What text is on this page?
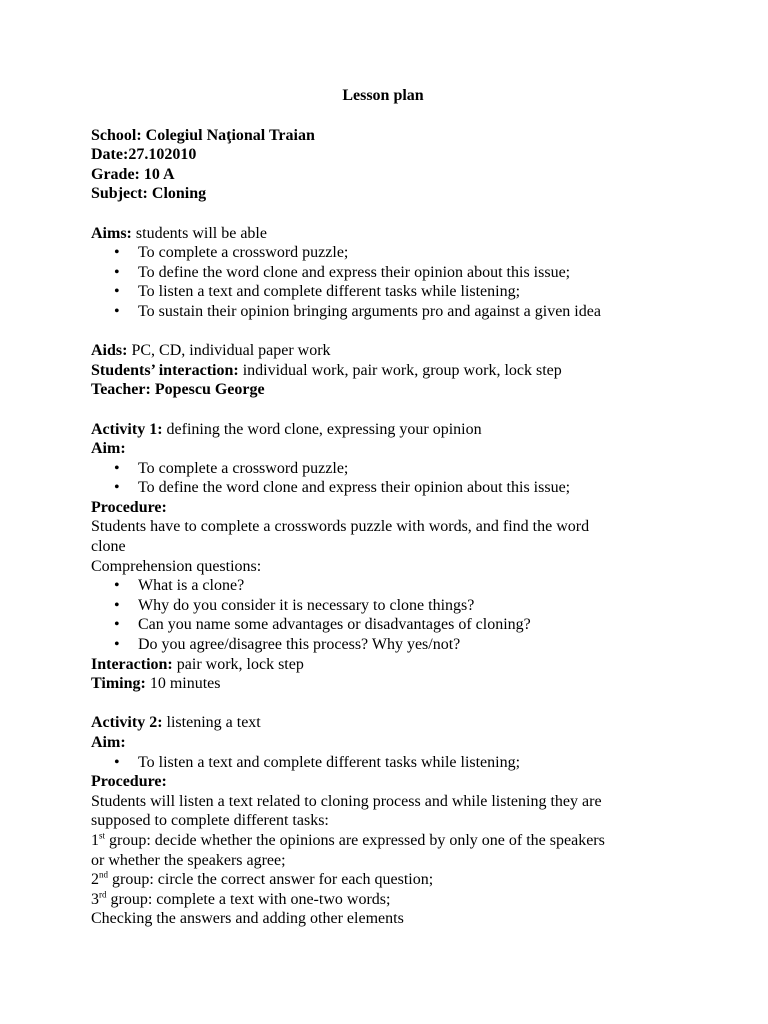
Lesson plan
School: Colegiul Naţional Traian
Date:27.102010
Grade: 10 A
Subject: Cloning
Aims: students will be able
• To complete a crossword puzzle;
• To define the word clone and express their opinion about this issue;
• To listen a text and complete different tasks while listening;
• To sustain their opinion bringing arguments pro and against a given idea
Aids: PC, CD, individual paper work
Students’ interaction: individual work, pair work, group work, lock step
Teacher: Popescu George
Activity 1: defining the word clone, expressing your opinion
Aim:
• To complete a crossword puzzle;
• To define the word clone and express their opinion about this issue;
Procedure:
Students have to complete a crosswords puzzle with words, and find the word
clone
Comprehension questions:
• What is a clone?
• Why do you consider it is necessary to clone things?
• Can you name some advantages or disadvantages of cloning?
• Do you agree/disagree this process? Why yes/not?
Interaction: pair work, lock step
Timing: 10 minutes
Activity 2: listening a text
Aim:
• To listen a text and complete different tasks while listening;
Procedure:
Students will listen a text related to cloning process and while listening they are
supposed to complete different tasks:
1st group: decide whether the opinions are expressed by only one of the speakers
or whether the speakers agree;
2nd group: circle the correct answer for each question;
3rd group: complete a text with one-two words;
Checking the answers and adding other elements
